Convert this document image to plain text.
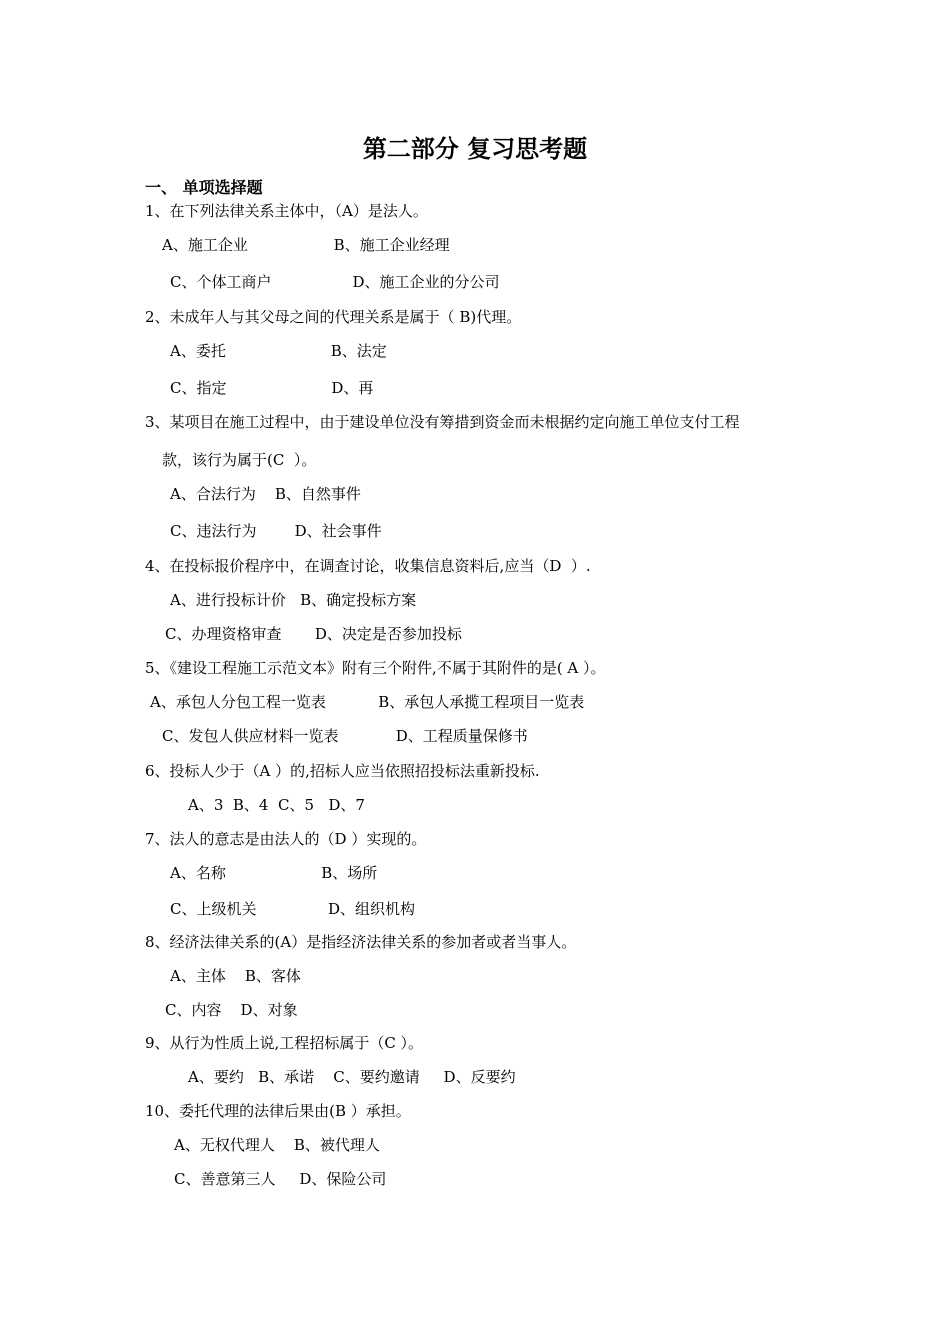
第二部分 复习思考题
一、 单项选择题
1、在下列法律关系主体中，（A）是法人。
A、施工企业                  B、施工企业经理
C、个体工商户                 D、施工企业的分公司
2、未成年人与其父母之间的代理关系是属于（ B)代理。
A、委托                      B、法定
C、指定                      D、再
3、某项目在施工过程中，由于建设单位没有筹措到资金而未根据约定向施工单位支付工程
款，该行为属于(C  ）。
A、合法行为    B、自然事件
C、违法行为        D、社会事件
4、在投标报价程序中，在调查讨论，收集信息资料后,应当（D  ）.
A、进行投标计价   B、确定投标方案
C、办理资格审查       D、决定是否参加投标
5、《建设工程施工示范文本》附有三个附件,不属于其附件的是( A ）。
A、承包人分包工程一览表           B、承包人承揽工程项目一览表
C、发包人供应材料一览表            D、工程质量保修书
6、投标人少于（A ）的,招标人应当依照招投标法重新投标.
A、3  B、4  C、5   D、7
7、法人的意志是由法人的（D ）实现的。
A、名称                    B、场所
C、上级机关               D、组织机构
8、经济法律关系的(A）是指经济法律关系的参加者或者当事人。
A、主体    B、客体
C、内容    D、对象
9、从行为性质上说,工程招标属于（C ）。
A、要约   B、承诺    C、要约邀请     D、反要约
10、委托代理的法律后果由(B ）承担。
A、无权代理人    B、被代理人
C、善意第三人     D、保险公司
